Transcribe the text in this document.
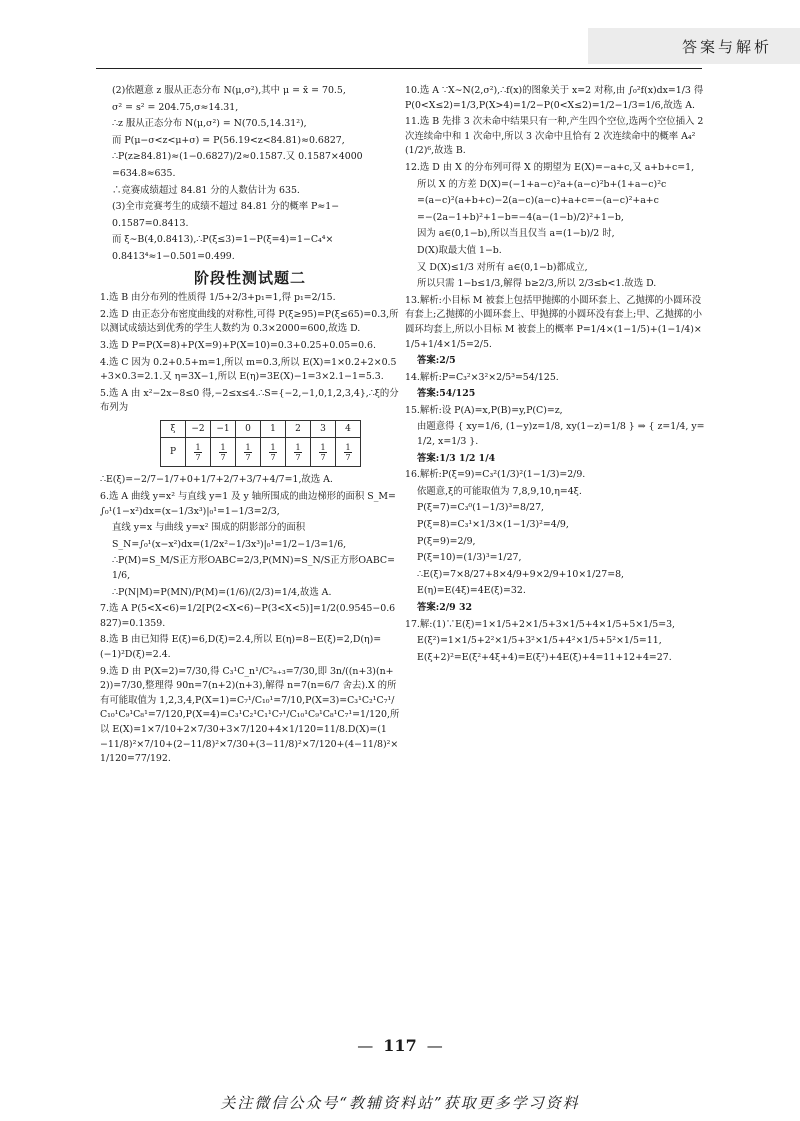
答案与解析

(2)依题意 z 服从正态分布 N(μ,σ²),其中 μ = x̄ = 70.5,

σ² = s² = 204.75,σ≈14.31,

∴z 服从正态分布 N(μ,σ²) = N(70.5,14.31²),

而 P(μ−σ<z<μ+σ) = P(56.19<z<84.81)≈0.6827,

∴P(z≥84.81)≈(1−0.6827)/2≈0.1587.又 0.1587×4000

=634.8≈635.

∴竞赛成绩超过 84.81 分的人数估计为 635.

(3)全市竞赛考生的成绩不超过 84.81 分的概率 P≈1−

0.1587=0.8413.

而 ξ∼B(4,0.8413),∴P(ξ≤3)=1−P(ξ=4)=1−C₄⁴×

0.8413⁴≈1−0.501=0.499.

阶段性测试题二

1.选 B 由分布列的性质得 1/5+2/3+p₁=1,得 p₁=2/15.

2.选 D 由正态分布密度曲线的对称性,可得 P(ξ≥95)=P(ξ≤65)=0.3,所以测试成绩达到优秀的学生人数约为 0.3×2000=600,故选 D.

3.选 D P=P(X=8)+P(X=9)+P(X=10)=0.3+0.25+0.05=0.6.

4.选 C 因为 0.2+0.5+m=1,所以 m=0.3,所以 E(X)=1×0.2+2×0.5+3×0.3=2.1.又 η=3X−1,所以 E(η)=3E(X)−1=3×2.1−1=5.3.

5.选 A 由 x²−2x−8≤0 得,−2≤x≤4.∴S={−2,−1,0,1,2,3,4},∴ξ的分布列为

ξ	−2	−1	0	1	2	3	4
P	$\frac{1}{7}$	$\frac{1}{7}$	$\frac{1}{7}$	$\frac{1}{7}$	$\frac{1}{7}$	$\frac{1}{7}$	$\frac{1}{7}$

∴E(ξ)=−2/7−1/7+0+1/7+2/7+3/7+4/7=1,故选 A.

6.选 A 曲线 y=x² 与直线 y=1 及 y 轴所围成的曲边梯形的面积 S_M=∫₀¹(1−x²)dx=(x−1/3x³)|₀¹=1−1/3=2/3,

直线 y=x 与曲线 y=x² 围成的阴影部分的面积

S_N=∫₀¹(x−x²)dx=(1/2x²−1/3x³)|₀¹=1/2−1/3=1/6,

∴P(M)=S_M/S正方形OABC=2/3,P(MN)=S_N/S正方形OABC=1/6,

∴P(N|M)=P(MN)/P(M)=(1/6)/(2/3)=1/4,故选 A.

7.选 A P(5<X<6)=1/2[P(2<X<6)−P(3<X<5)]=1/2(0.9545−0.6827)=0.1359.

8.选 B 由已知得 E(ξ)=6,D(ξ)=2.4,所以 E(η)=8−E(ξ)=2,D(η)=(−1)²D(ξ)=2.4.

9.选 D 由 P(X=2)=7/30,得 C₃¹C_n¹/C²ₙ₊₃=7/30,即 3n/((n+3)(n+2))=7/30,整理得 90n=7(n+2)(n+3),解得 n=7(n=6/7 舍去).X 的所有可能取值为 1,2,3,4,P(X=1)=C₇¹/C₁₀¹=7/10,P(X=3)=C₃¹C₂¹C₇¹/C₁₀¹C₉¹C₈¹=7/120,P(X=4)=C₃¹C₂¹C₁¹C₇¹/C₁₀¹C₉¹C₈¹C₇¹=1/120,所以 E(X)=1×7/10+2×7/30+3×7/120+4×1/120=11/8.D(X)=(1−11/8)²×7/10+(2−11/8)²×7/30+(3−11/8)²×7/120+(4−11/8)²×1/120=77/192.

10.选 A ∵X∼N(2,σ²),∴f(x)的图象关于 x=2 对称,由 ∫₀²f(x)dx=1/3 得 P(0<X≤2)=1/3,P(X>4)=1/2−P(0<X≤2)=1/2−1/3=1/6,故选 A.

11.选 B 先排 3 次未命中结果只有一种,产生四个空位,选两个空位插入 2 次连续命中和 1 次命中,所以 3 次命中且恰有 2 次连续命中的概率 A₄²(1/2)⁶,故选 B.

12.选 D 由 X 的分布列可得 X 的期望为 E(X)=−a+c,又 a+b+c=1,

所以 X 的方差 D(X)=(−1+a−c)²a+(a−c)²b+(1+a−c)²c

=(a−c)²(a+b+c)−2(a−c)(a−c)+a+c=−(a−c)²+a+c

=−(2a−1+b)²+1−b=−4(a−(1−b)/2)²+1−b,

因为 a∈(0,1−b),所以当且仅当 a=(1−b)/2 时,

D(X)取最大值 1−b.

又 D(X)≤1/3 对所有 a∈(0,1−b)都成立,

所以只需 1−b≤1/3,解得 b≥2/3,所以 2/3≤b<1.故选 D.

13.解析:小目标 M 被套上包括甲抛掷的小圆环套上、乙抛掷的小圆环没有套上;乙抛掷的小圆环套上、甲抛掷的小圆环没有套上;甲、乙抛掷的小圆环均套上,所以小目标 M 被套上的概率 P=1/4×(1−1/5)+(1−1/4)×1/5+1/4×1/5=2/5.

答案:2/5

14.解析:P=C₃²×3²×2/5³=54/125.

答案:54/125

15.解析:设 P(A)=x,P(B)=y,P(C)=z,

由题意得 { xy=1/6, (1−y)z=1/8, xy(1−z)=1/8 } ⇒ { z=1/4, y=1/2, x=1/3 }.

答案:1/3 1/2 1/4

16.解析:P(ξ=9)=C₃²(1/3)²(1−1/3)=2/9.

依题意,ξ的可能取值为 7,8,9,10,η=4ξ.

P(ξ=7)=C₃⁰(1−1/3)³=8/27,

P(ξ=8)=C₃¹×1/3×(1−1/3)²=4/9,

P(ξ=9)=2/9,

P(ξ=10)=(1/3)³=1/27,

∴E(ξ)=7×8/27+8×4/9+9×2/9+10×1/27=8,

E(η)=E(4ξ)=4E(ξ)=32.

答案:2/9 32

17.解:(1)∵E(ξ)=1×1/5+2×1/5+3×1/5+4×1/5+5×1/5=3,

E(ξ²)=1×1/5+2²×1/5+3²×1/5+4²×1/5+5²×1/5=11,

E(ξ+2)²=E(ξ²+4ξ+4)=E(ξ²)+4E(ξ)+4=11+12+4=27.

— 117 —
关注微信公众号“教辅资料站”获取更多学习资料
